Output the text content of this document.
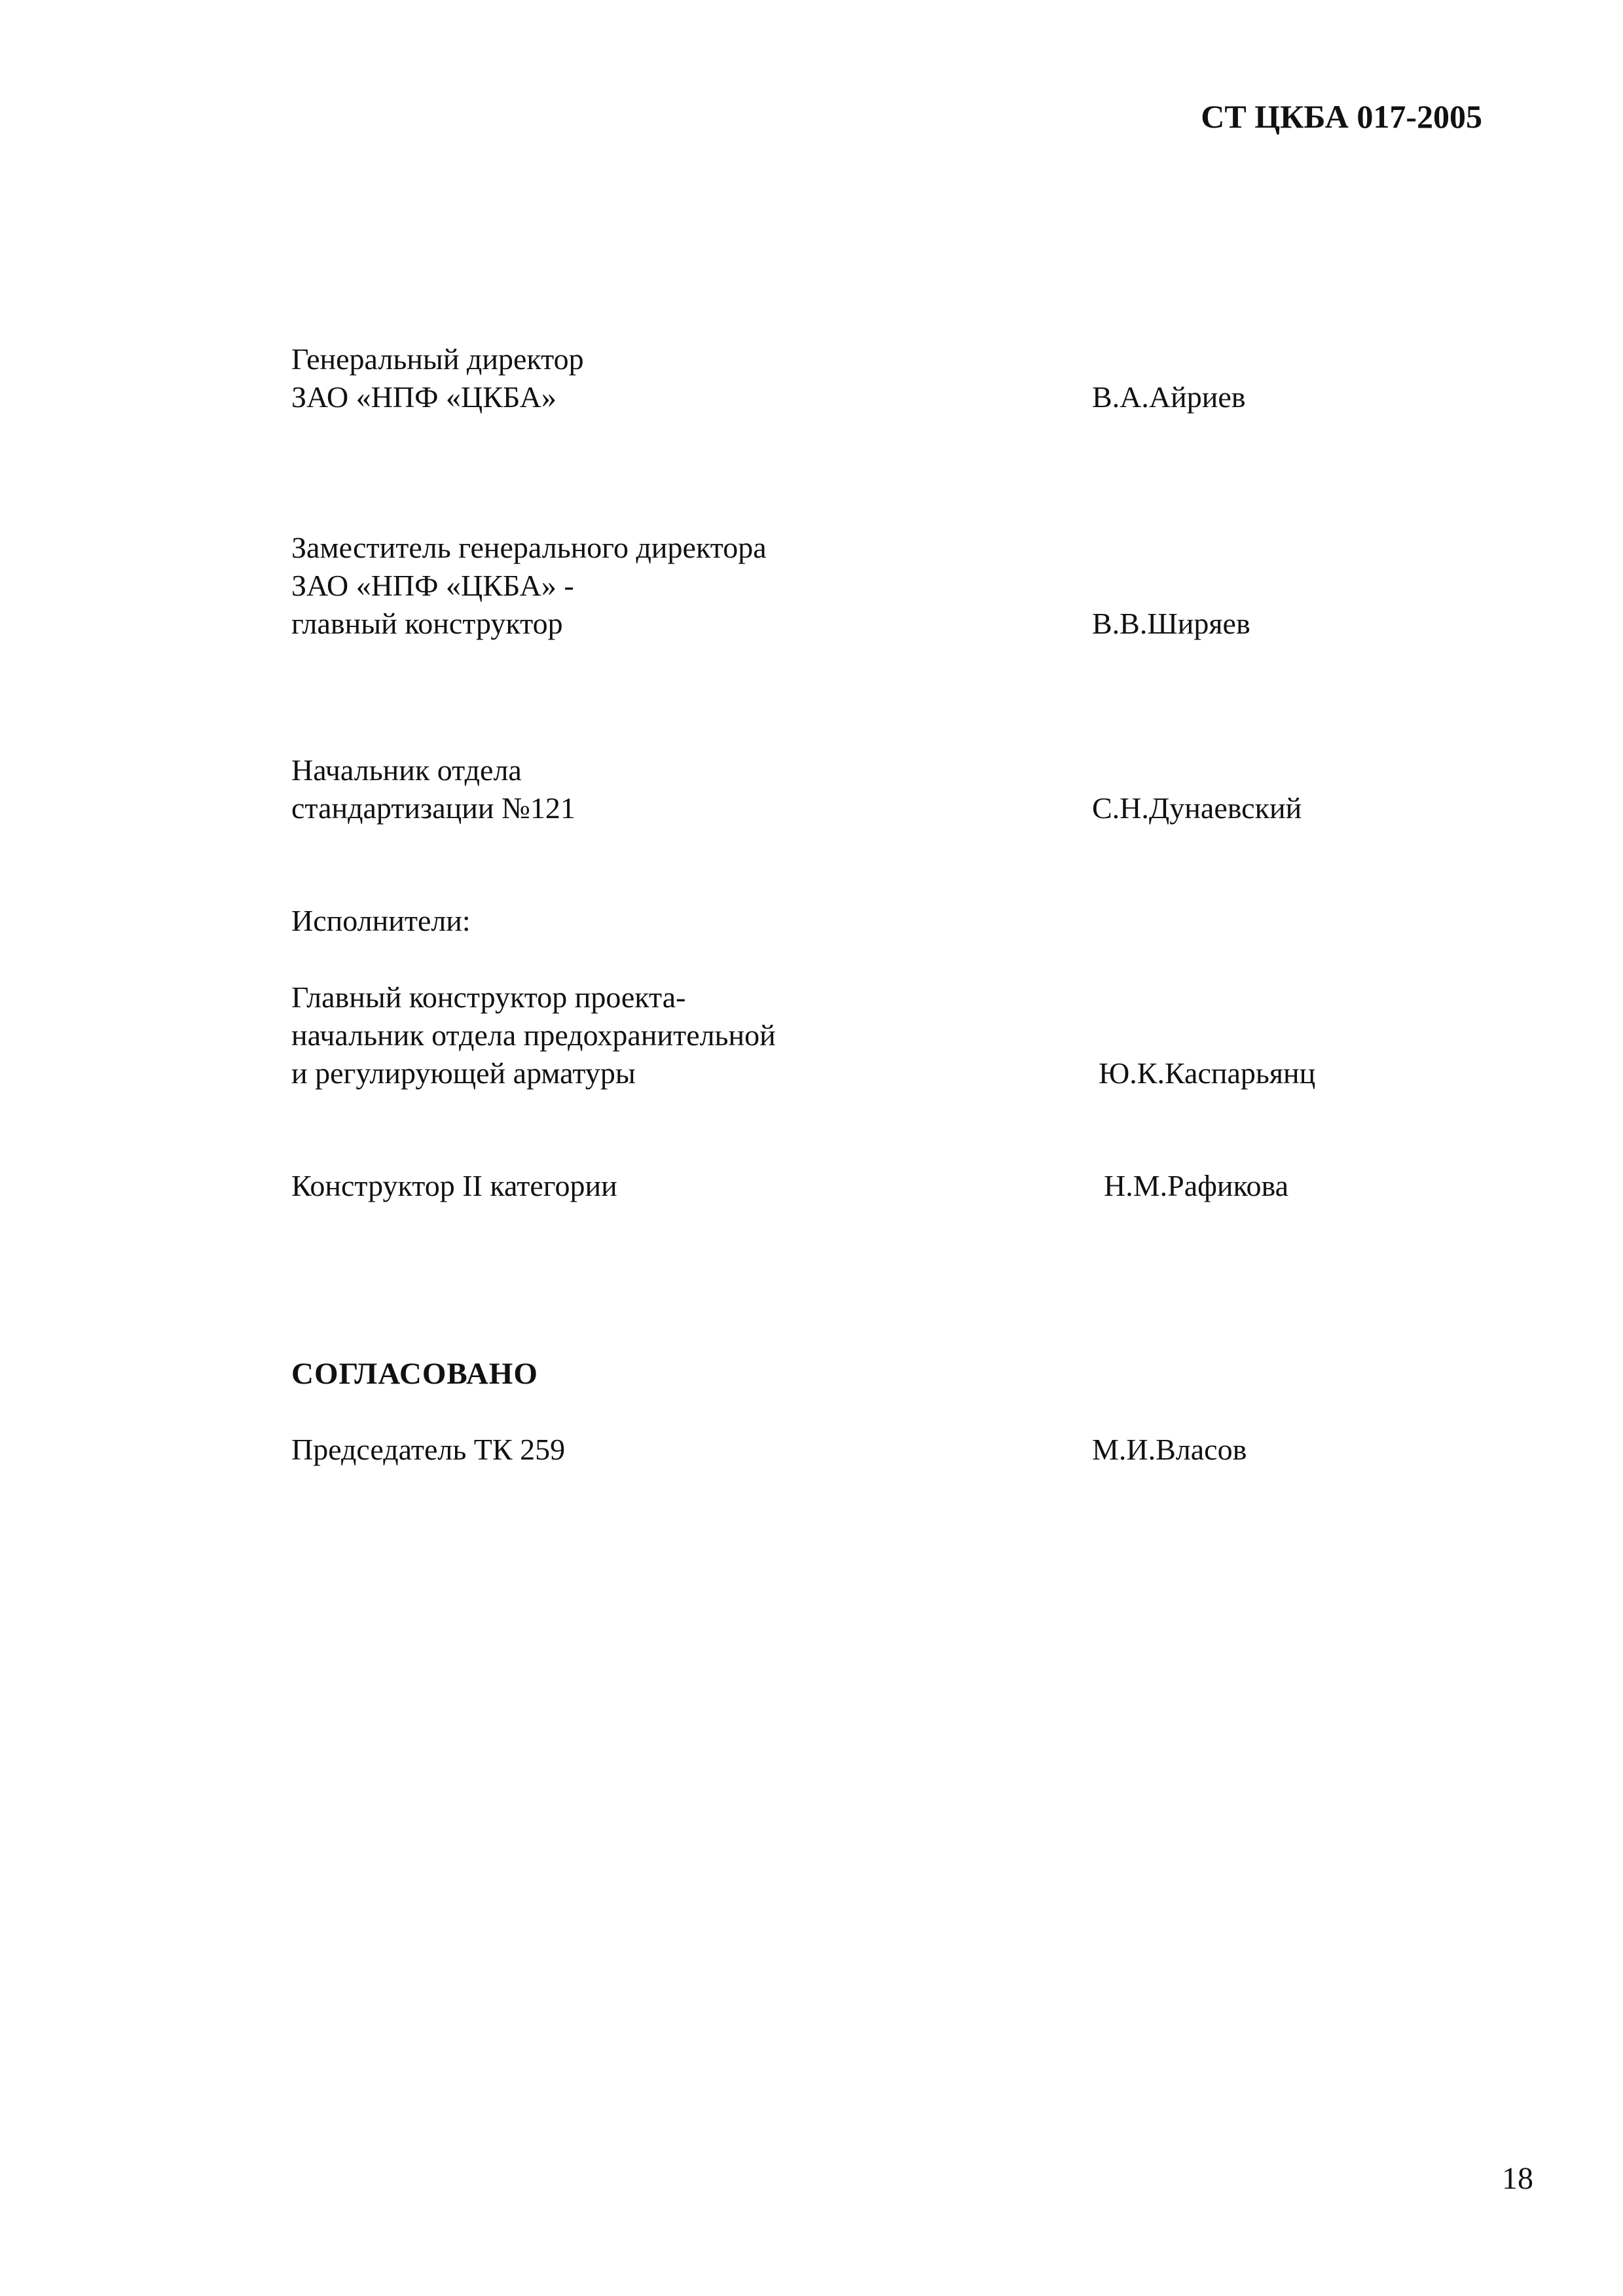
СТ ЦКБА 017-2005
Генеральный директор
ЗАО «НПФ «ЦКБА»	В.А.Айриев
Заместитель генерального директора
ЗАО «НПФ «ЦКБА» -
главный конструктор	В.В.Ширяев
Начальник отдела
стандартизации №121	С.Н.Дунаевский
Исполнители:
Главный конструктор проекта-
начальник отдела предохранительной
и регулирующей арматуры	Ю.К.Каспарьянц
Конструктор II категории	Н.М.Рафикова
СОГЛАСОВАНО
Председатель ТК 259	М.И.Власов
18
